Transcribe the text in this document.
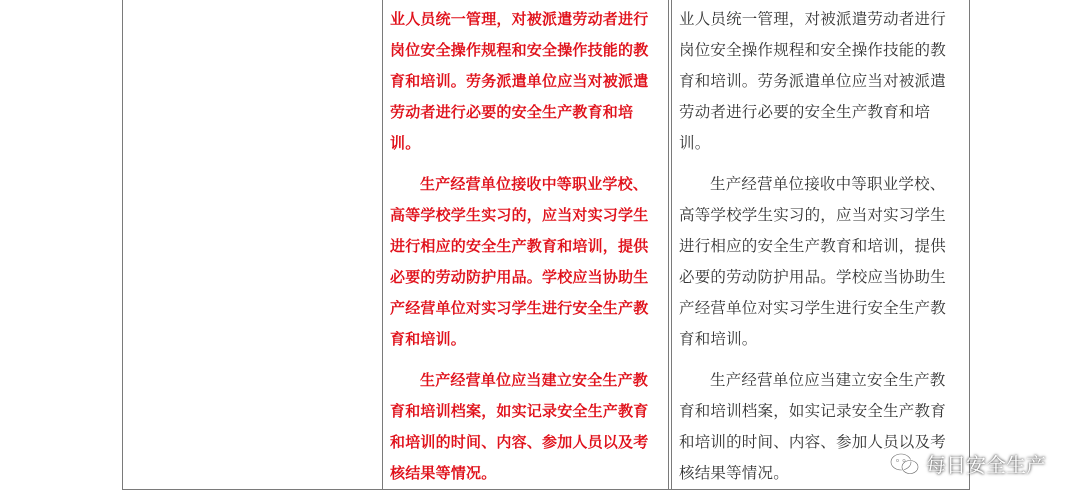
业人员统一管理，对被派遣劳动者进行
岗位安全操作规程和安全操作技能的教
育和培训。劳务派遣单位应当对被派遣
劳动者进行必要的安全生产教育和培
训。

生产经营单位接收中等职业学校、
高等学校学生实习的，应当对实习学生
进行相应的安全生产教育和培训，提供
必要的劳动防护用品。学校应当协助生
产经营单位对实习学生进行安全生产教
育和培训。

生产经营单位应当建立安全生产教
育和培训档案，如实记录安全生产教育
和培训的时间、内容、参加人员以及考
核结果等情况。

业人员统一管理，对被派遣劳动者进行
岗位安全操作规程和安全操作技能的教
育和培训。劳务派遣单位应当对被派遣
劳动者进行必要的安全生产教育和培
训。

生产经营单位接收中等职业学校、
高等学校学生实习的，应当对实习学生
进行相应的安全生产教育和培训，提供
必要的劳动防护用品。学校应当协助生
产经营单位对实习学生进行安全生产教
育和培训。

生产经营单位应当建立安全生产教
育和培训档案，如实记录安全生产教育
和培训的时间、内容、参加人员以及考
核结果等情况。	每日安全生产
